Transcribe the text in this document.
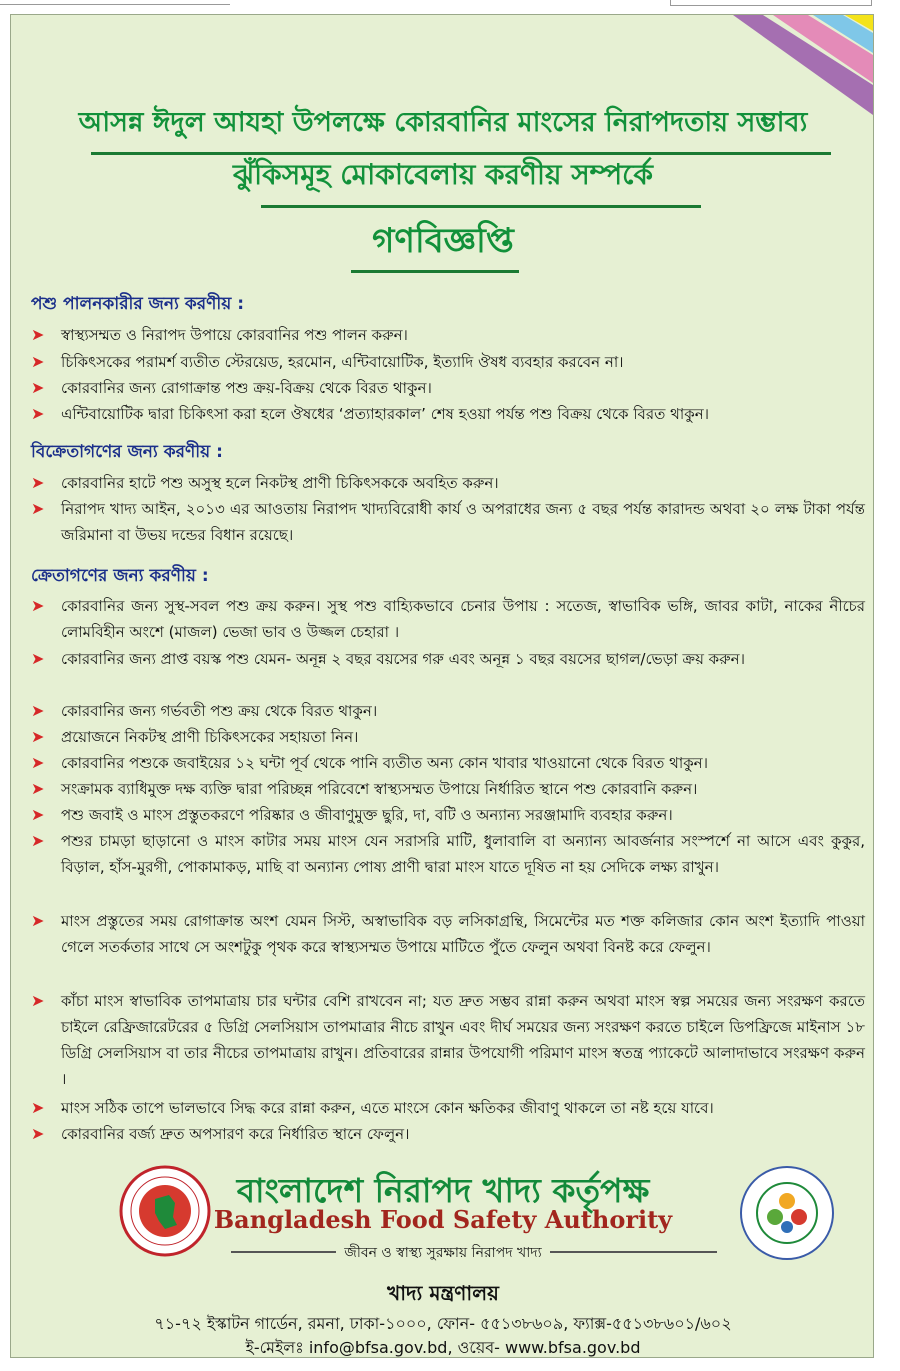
আসন্ন ঈদুল আযহা উপলক্ষে কোরবানির মাংসের নিরাপদতায় সম্ভাব্য
ঝুঁকিসমূহ মোকাবেলায় করণীয় সম্পর্কে
গণবিজ্ঞপ্তি
পশু পালনকারীর জন্য করণীয় :
➤ স্বাস্থ্যসম্মত ও নিরাপদ উপায়ে কোরবানির পশু পালন করুন।
➤ চিকিৎসকের পরামর্শ ব্যতীত স্টেরয়েড, হরমোন, এন্টিবায়োটিক, ইত্যাদি ঔষধ ব্যবহার করবেন না।
➤ কোরবানির জন্য রোগাক্রান্ত পশু ক্রয়-বিক্রয় থেকে বিরত থাকুন।
➤ এন্টিবায়োটিক দ্বারা চিকিৎসা করা হলে ঔষধের ‘প্রত্যাহারকাল’ শেষ হওয়া পর্যন্ত পশু বিক্রয় থেকে বিরত থাকুন।
বিক্রেতাগণের জন্য করণীয় :
➤ কোরবানির হাটে পশু অসুস্থ হলে নিকটস্থ প্রাণী চিকিৎসককে অবহিত করুন।
➤ নিরাপদ খাদ্য আইন, ২০১৩ এর আওতায় নিরাপদ খাদ্যবিরোধী কার্য ও অপরাধের জন্য ৫ বছর পর্যন্ত কারাদন্ড অথবা ২০ লক্ষ টাকা পর্যন্ত জরিমানা বা উভয় দন্ডের বিধান রয়েছে।
ক্রেতাগণের জন্য করণীয় :
➤ কোরবানির জন্য সুস্থ-সবল পশু ক্রয় করুন। সুস্থ পশু বাহ্যিকভাবে চেনার উপায় : সতেজ, স্বাভাবিক ভঙ্গি, জাবর কাটা, নাকের নীচের লোমবিহীন অংশে (মাজল) ভেজা ভাব ও উজ্জল চেহারা ।
➤ কোরবানির জন্য প্রাপ্ত বয়স্ক পশু যেমন- অনূন্ন ২ বছর বয়সের গরু এবং অনূন্ন ১ বছর বয়সের ছাগল/ভেড়া ক্রয় করুন।
➤ কোরবানির জন্য গর্ভবতী পশু ক্রয় থেকে বিরত থাকুন।
➤ প্রয়োজনে নিকটস্থ প্রাণী চিকিৎসকের সহায়তা নিন।
➤ কোরবানির পশুকে জবাইয়ের ১২ ঘন্টা পূর্ব থেকে পানি ব্যতীত অন্য কোন খাবার খাওয়ানো থেকে বিরত থাকুন।
➤ সংক্রামক ব্যাধিমুক্ত দক্ষ ব্যক্তি দ্বারা পরিচ্ছন্ন পরিবেশে স্বাস্থ্যসম্মত উপায়ে নির্ধারিত স্থানে পশু কোরবানি করুন।
➤ পশু জবাই ও মাংস প্রস্তুতকরণে পরিষ্কার ও জীবাণুমুক্ত ছুরি, দা, বটি ও অন্যান্য সরঞ্জামাদি ব্যবহার করুন।
➤ পশুর চামড়া ছাড়ানো ও মাংস কাটার সময় মাংস যেন সরাসরি মাটি, ধুলাবালি বা অন্যান্য আবর্জনার সংস্পর্শে না আসে এবং কুকুর, বিড়াল, হাঁস-মুরগী, পোকামাকড়, মাছি বা অন্যান্য পোষ্য প্রাণী দ্বারা মাংস যাতে দূষিত না হয় সেদিকে লক্ষ্য রাখুন।
➤ মাংস প্রস্তুতের সময় রোগাক্রান্ত অংশ যেমন সিস্ট, অস্বাভাবিক বড় লসিকাগ্রন্থি, সিমেন্টের মত শক্ত কলিজার কোন অংশ ইত্যাদি পাওয়া গেলে সতর্কতার সাথে সে অংশটুকু পৃথক করে স্বাস্থ্যসম্মত উপায়ে মাটিতে পুঁতে ফেলুন অথবা বিনষ্ট করে ফেলুন।
➤ কাঁচা মাংস স্বাভাবিক তাপমাত্রায় চার ঘন্টার বেশি রাখবেন না; যত দ্রুত সম্ভব রান্না করুন অথবা মাংস স্বল্প সময়ের জন্য সংরক্ষণ করতে চাইলে রেফ্রিজারেটরের ৫ ডিগ্রি সেলসিয়াস তাপমাত্রার নীচে রাখুন এবং দীর্ঘ সময়ের জন্য সংরক্ষণ করতে চাইলে ডিপফ্রিজে মাইনাস ১৮ ডিগ্রি সেলসিয়াস বা তার নীচের তাপমাত্রায় রাখুন। প্রতিবারের রান্নার উপযোগী পরিমাণ মাংস স্বতন্ত্র প্যাকেটে আলাদাভাবে সংরক্ষণ করুন ।
➤ মাংস সঠিক তাপে ভালভাবে সিদ্ধ করে রান্না করুন, এতে মাংসে কোন ক্ষতিকর জীবাণু থাকলে তা নষ্ট হয়ে যাবে।
➤ কোরবানির বর্জ্য দ্রুত অপসারণ করে নির্ধারিত স্থানে ফেলুন।
বাংলাদেশ নিরাপদ খাদ্য কর্তৃপক্ষ
Bangladesh Food Safety Authority
জীবন ও স্বাস্থ্য সুরক্ষায় নিরাপদ খাদ্য
খাদ্য মন্ত্রণালয়
৭১-৭২ ইস্কাটন গার্ডেন, রমনা, ঢাকা-১০০০, ফোন- ৫৫১৩৮৬০৯, ফ্যাক্স-৫৫১৩৮৬০১/৬০২
ই-মেইলঃ info@bfsa.gov.bd, ওয়েব- www.bfsa.gov.bd
